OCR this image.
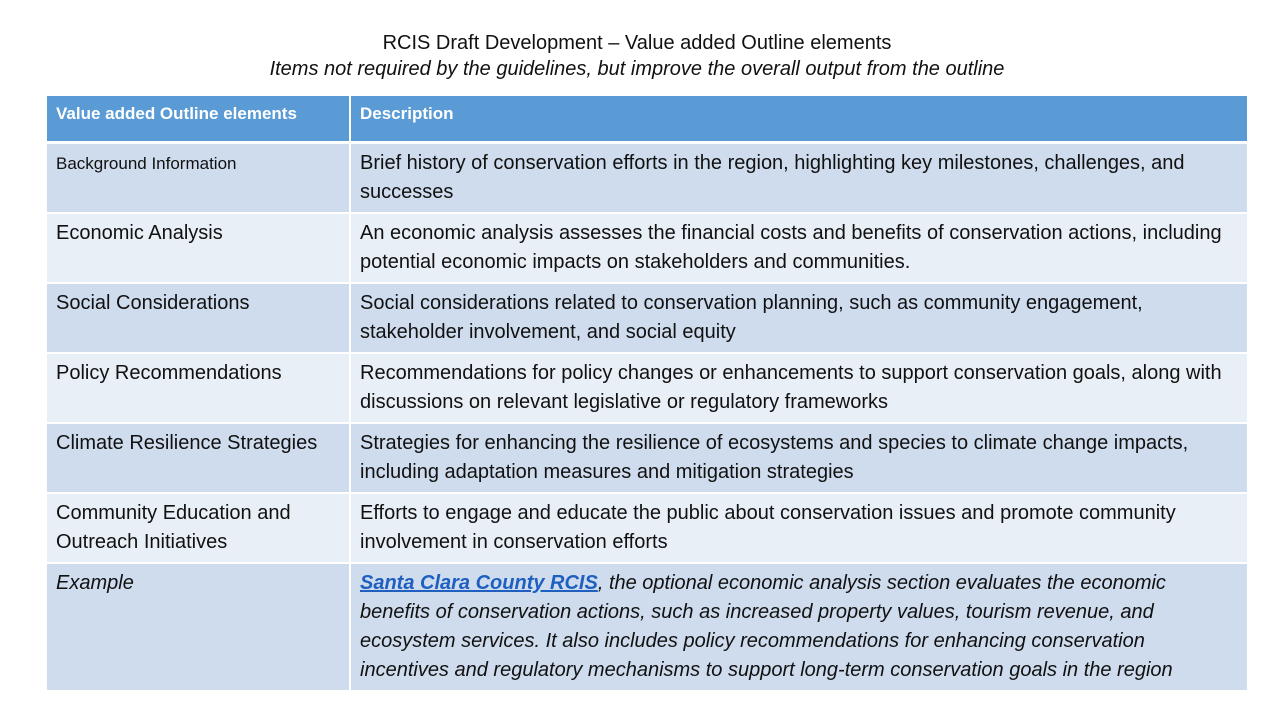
RCIS Draft Development – Value added Outline elements
Items not required by the guidelines, but improve the overall output from the outline
Value added Outline elements	Description
Background Information	Brief history of conservation efforts in the region, highlighting key milestones, challenges, and successes
Economic Analysis	An economic analysis assesses the financial costs and benefits of conservation actions, including potential economic impacts on stakeholders and communities.
Social Considerations	Social considerations related to conservation planning, such as community engagement, stakeholder involvement, and social equity
Policy Recommendations	Recommendations for policy changes or enhancements to support conservation goals, along with discussions on relevant legislative or regulatory frameworks
Climate Resilience Strategies	Strategies for enhancing the resilience of ecosystems and species to climate change impacts, including adaptation measures and mitigation strategies
Community Education and Outreach Initiatives	Efforts to engage and educate the public about conservation issues and promote community involvement in conservation efforts
Example	Santa Clara County RCIS, the optional economic analysis section evaluates the economic benefits of conservation actions, such as increased property values, tourism revenue, and ecosystem services. It also includes policy recommendations for enhancing conservation incentives and regulatory mechanisms to support long-term conservation goals in the region
